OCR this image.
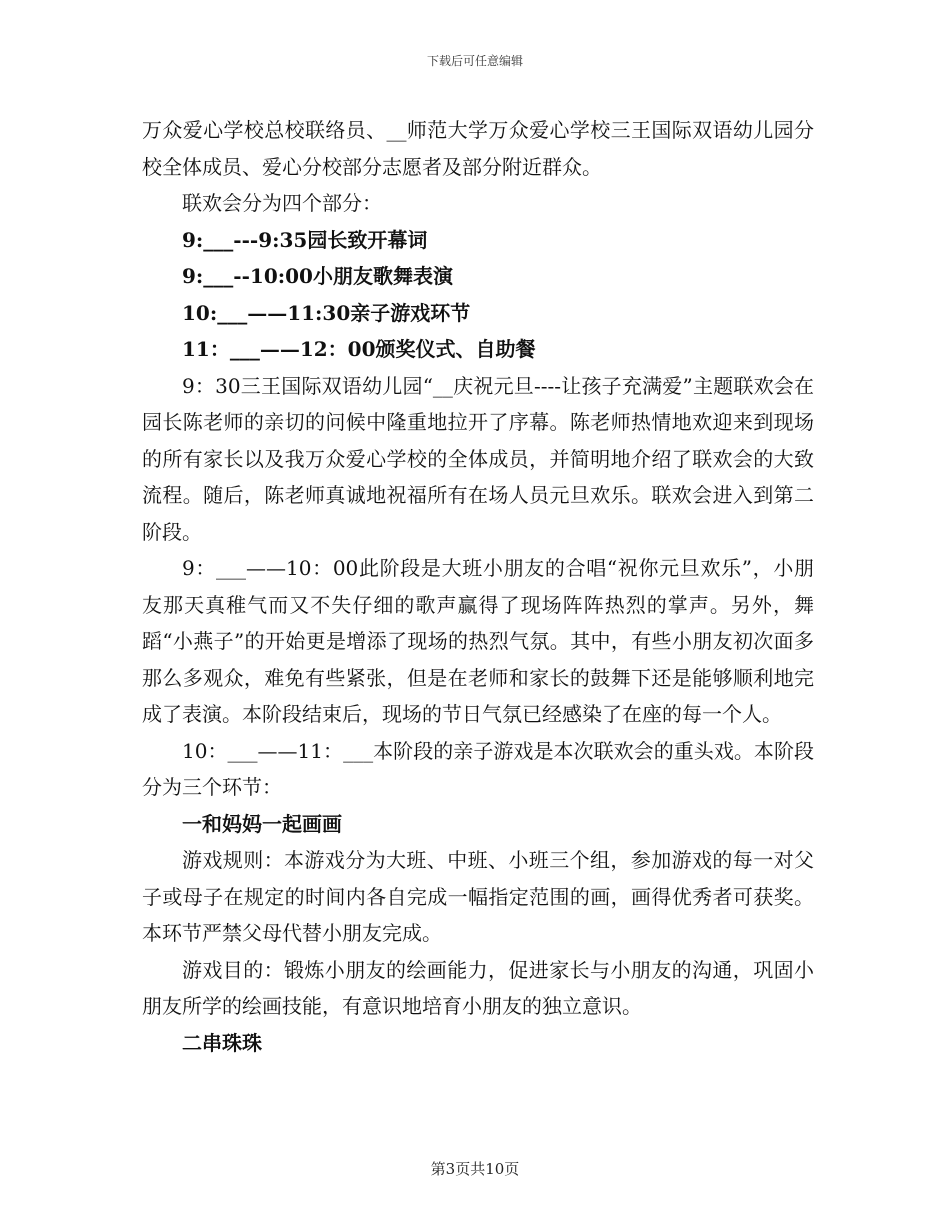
下载后可任意编辑

万众爱心学校总校联络员、__师范大学万众爱心学校三王国际双语幼儿园分校全体成员、爱心分校部分志愿者及部分附近群众。

联欢会分为四个部分：

9:___---9:35园长致开幕词

9:___--10:00小朋友歌舞表演

10:___——11:30亲子游戏环节

11：___——12：00颁奖仪式、自助餐

9：30三王国际双语幼儿园“__庆祝元旦----让孩子充满爱”主题联欢会在园长陈老师的亲切的问候中隆重地拉开了序幕。陈老师热情地欢迎来到现场的所有家长以及我万众爱心学校的全体成员，并简明地介绍了联欢会的大致流程。随后，陈老师真诚地祝福所有在场人员元旦欢乐。联欢会进入到第二阶段。

9：___——10：00此阶段是大班小朋友的合唱“祝你元旦欢乐”，小朋友那天真稚气而又不失仔细的歌声赢得了现场阵阵热烈的掌声。另外，舞蹈“小燕子”的开始更是增添了现场的热烈气氛。其中，有些小朋友初次面多那么多观众，难免有些紧张，但是在老师和家长的鼓舞下还是能够顺利地完成了表演。本阶段结束后，现场的节日气氛已经感染了在座的每一个人。

10：___——11：___本阶段的亲子游戏是本次联欢会的重头戏。本阶段分为三个环节：

一和妈妈一起画画

游戏规则：本游戏分为大班、中班、小班三个组，参加游戏的每一对父子或母子在规定的时间内各自完成一幅指定范围的画，画得优秀者可获奖。本环节严禁父母代替小朋友完成。

游戏目的：锻炼小朋友的绘画能力，促进家长与小朋友的沟通，巩固小朋友所学的绘画技能，有意识地培育小朋友的独立意识。

二串珠珠

第3页共10页
